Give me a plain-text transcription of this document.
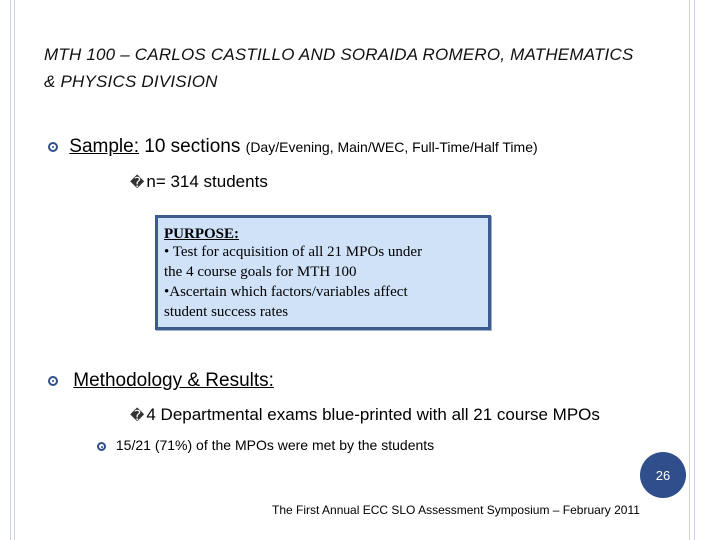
MTH 100 – CARLOS CASTILLO AND SORAIDA ROMERO, MATHEMATICS
& PHYSICS DIVISION
Sample: 10 sections (Day/Evening, Main/WEC, Full-Time/Half Time)
� n= 314 students
PURPOSE:
• Test for acquisition of all 21 MPOs under
the 4 course goals for MTH 100
•Ascertain which factors/variables affect
student success rates
Methodology & Results:
� 4 Departmental exams blue-printed with all 21 course MPOs
15/21 (71%) of the MPOs were met by the students
26
The First Annual ECC SLO Assessment Symposium – February 2011
